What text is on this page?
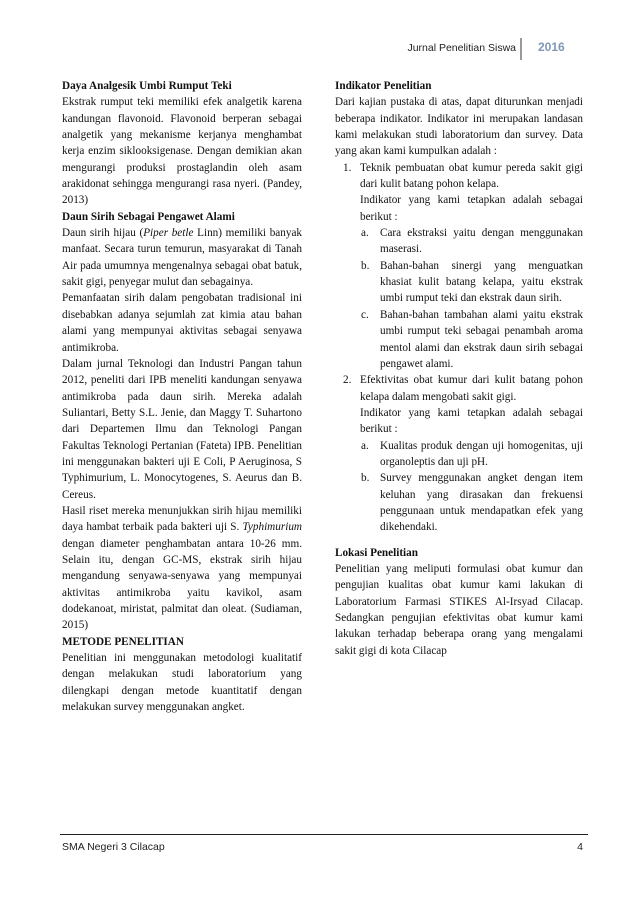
Jurnal Penelitian Siswa 2016

Daya Analgesik Umbi Rumput Teki

Ekstrak rumput teki memiliki efek analgetik karena kandungan flavonoid. Flavonoid berperan sebagai analgetik yang mekanisme kerjanya menghambat kerja enzim siklooksigenase. Dengan demikian akan mengurangi produksi prostaglandin oleh asam arakidonat sehingga mengurangi rasa nyeri. (Pandey, 2013)

Daun Sirih Sebagai Pengawet Alami

Daun sirih hijau (Piper betle Linn) memiliki banyak manfaat. Secara turun temurun, masyarakat di Tanah Air pada umumnya mengenalnya sebagai obat batuk, sakit gigi, penyegar mulut dan sebagainya.

Pemanfaatan sirih dalam pengobatan tradisional ini disebabkan adanya sejumlah zat kimia atau bahan alami yang mempunyai aktivitas sebagai senyawa antimikroba.

Dalam jurnal Teknologi dan Industri Pangan tahun 2012, peneliti dari IPB meneliti kandungan senyawa antimikroba pada daun sirih. Mereka adalah Suliantari, Betty S.L. Jenie, dan Maggy T. Suhartono dari Departemen Ilmu dan Teknologi Pangan Fakultas Teknologi Pertanian (Fateta) IPB. Penelitian ini menggunakan bakteri uji E Coli, P Aeruginosa, S Typhimurium, L. Monocytogenes, S. Aeurus dan B. Cereus.

Hasil riset mereka menunjukkan sirih hijau memiliki daya hambat terbaik pada bakteri uji S. Typhimurium dengan diameter penghambatan antara 10-26 mm. Selain itu, dengan GC-MS, ekstrak sirih hijau mengandung senyawa-senyawa yang mempunyai aktivitas antimikroba yaitu kavikol, asam dodekanoat, miristat, palmitat dan oleat. (Sudiaman, 2015)

METODE PENELITIAN

Penelitian ini menggunakan metodologi kualitatif dengan melakukan studi laboratorium yang dilengkapi dengan metode kuantitatif dengan melakukan survey menggunakan angket.

Indikator Penelitian

Dari kajian pustaka di atas, dapat diturunkan menjadi beberapa indikator. Indikator ini merupakan landasan kami melakukan studi laboratorium dan survey. Data yang akan kami kumpulkan adalah :

1. Teknik pembuatan obat kumur pereda sakit gigi dari kulit batang pohon kelapa.

Indikator yang kami tetapkan adalah sebagai berikut :

a. Cara ekstraksi yaitu dengan menggunakan maserasi.
b. Bahan-bahan sinergi yang menguatkan khasiat kulit batang kelapa, yaitu ekstrak umbi rumput teki dan ekstrak daun sirih.
c. Bahan-bahan tambahan alami yaitu ekstrak umbi rumput teki sebagai penambah aroma mentol alami dan ekstrak daun sirih sebagai pengawet alami.
2. Efektivitas obat kumur dari kulit batang pohon kelapa dalam mengobati sakit gigi.

Indikator yang kami tetapkan adalah sebagai berikut :

a. Kualitas produk dengan uji homogenitas, uji organoleptis dan uji pH.
b. Survey menggunakan angket dengan item keluhan yang dirasakan dan frekuensi penggunaan untuk mendapatkan efek yang dikehendaki.

Lokasi Penelitian

Penelitian yang meliputi formulasi obat kumur dan pengujian kualitas obat kumur kami lakukan di Laboratorium Farmasi STIKES Al-Irsyad Cilacap. Sedangkan pengujian efektivitas obat kumur kami lakukan terhadap beberapa orang yang mengalami sakit gigi di kota Cilacap

SMA Negeri 3 Cilacap	4
